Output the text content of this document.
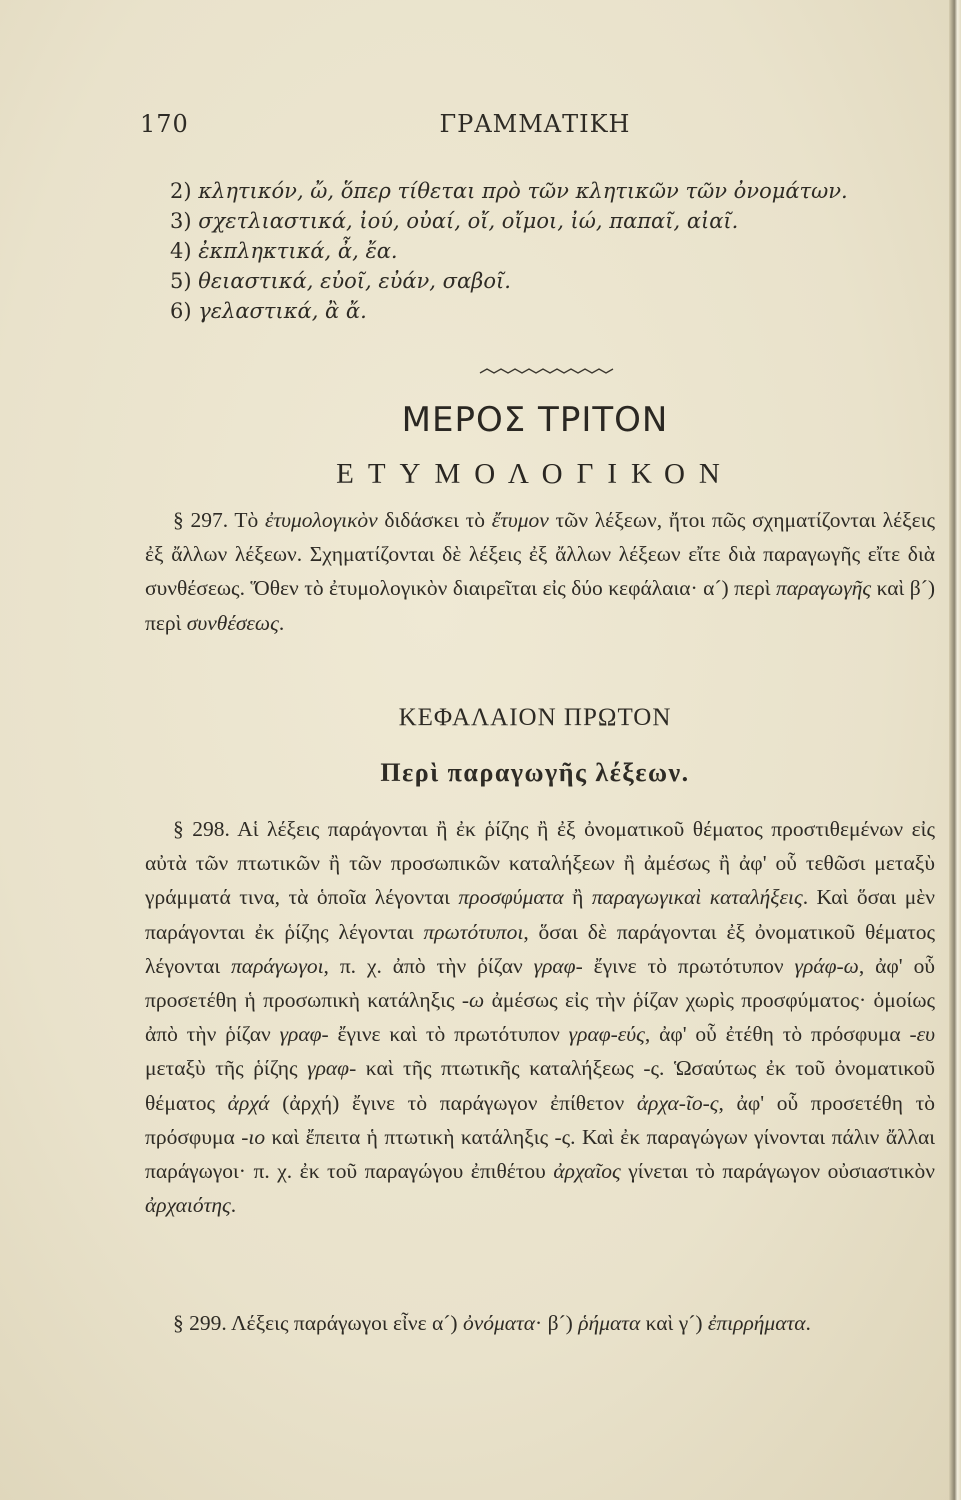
170	ΓΡΑΜΜΑΤΙΚΗ
2) κλητικόν, ὤ, ὅπερ τίθεται πρὸ τῶν κλητικῶν τῶν ὀνομάτων.
3) σχετλιαστικά, ἰού, οὐαί, οἴ, οἴμοι, ἰώ, παπαῖ, αἰαῖ.
4) ἐκπληκτικά, ἆ, ἔα.
5) θειαστικά, εὐοῖ, εὐάν, σαβοῖ.
6) γελαστικά, ἂ ἄ.
ΜΕΡΟΣ ΤΡΙΤΟΝ
ΕΤΥΜΟΛΟΓΙΚΟΝ
§ 297. Τὸ ἐτυμολογικὸν διδάσκει τὸ ἔτυμον τῶν λέξεων, ἤτοι πῶς σχηματίζονται λέξεις ἐξ ἄλλων λέξεων. Σχηματίζονται δὲ λέξεις ἐξ ἄλλων λέξεων εἴτε διὰ παραγωγῆς εἴτε διὰ συνθέσεως. Ὅθεν τὸ ἐτυμολογικὸν διαιρεῖται εἰς δύο κεφάλαια· α´) περὶ παραγωγῆς καὶ β´) περὶ συνθέσεως.
ΚΕΦΑΛΑΙΟΝ ΠΡΩΤΟΝ
Περὶ παραγωγῆς λέξεων.
§ 298. Αἱ λέξεις παράγονται ἢ ἐκ ῥίζης ἢ ἐξ ὀνοματικοῦ θέματος προστιθεμένων εἰς αὐτὰ τῶν πτωτικῶν ἢ τῶν προσωπικῶν καταλήξεων ἢ ἀμέσως ἢ ἀφ' οὗ τεθῶσι μεταξὺ γράμματά τινα, τὰ ὁποῖα λέγονται προσφύματα ἢ παραγωγικαὶ καταλήξεις. Καὶ ὅσαι μὲν παράγονται ἐκ ῥίζης λέγονται πρωτότυποι, ὅσαι δὲ παράγονται ἐξ ὀνοματικοῦ θέματος λέγονται παράγωγοι, π. χ. ἀπὸ τὴν ῥίζαν γραφ- ἔγινε τὸ πρωτότυπον γράφ-ω, ἀφ' οὗ προσετέθη ἡ προσωπικὴ κατάληξις -ω ἀμέσως εἰς τὴν ῥίζαν χωρὶς προσφύματος· ὁμοίως ἀπὸ τὴν ῥίζαν γραφ- ἔγινε καὶ τὸ πρωτότυπον γραφ-εύς, ἀφ' οὗ ἐτέθη τὸ πρόσφυμα -ευ μεταξὺ τῆς ῥίζης γραφ- καὶ τῆς πτωτικῆς καταλήξεως -ς. Ὡσαύτως ἐκ τοῦ ὀνοματικοῦ θέματος ἀρχά (ἀρχή) ἔγινε τὸ παράγωγον ἐπίθετον ἀρχα-ῖο-ς, ἀφ' οὗ προσετέθη τὸ πρόσφυμα -ιο καὶ ἔπειτα ἡ πτωτικὴ κατάληξις -ς. Καὶ ἐκ παραγώγων γίνονται πάλιν ἄλλαι παράγωγοι· π. χ. ἐκ τοῦ παραγώγου ἐπιθέτου ἀρχαῖος γίνεται τὸ παράγωγον οὐσιαστικὸν ἀρχαιότης.
§ 299. Λέξεις παράγωγοι εἶνε α´) ὀνόματα· β´) ῥήματα καὶ γ´) ἐπιρρήματα.
